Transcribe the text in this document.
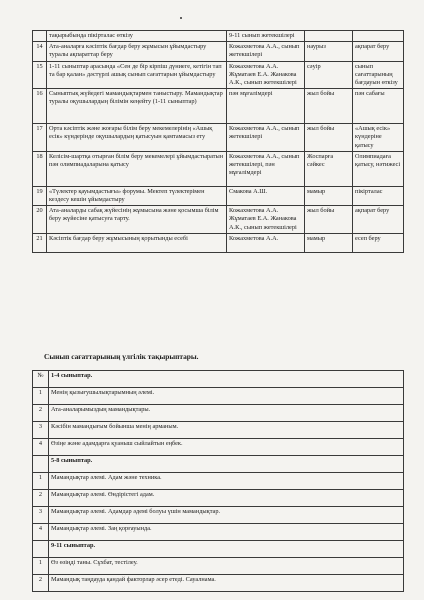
	тақырыбында пікірталас өткізу	9-11 сынып жетекшілері		
14	Ата-аналарға кәсіптік бағдар беру жұмысын ұйымдастыру туралы ақпараттар беру	Кожахметова А.А., сынып жетекшілері	наурыз	ақпарат беру
15	1-11 сыныптар арасында «Сен де бір кірпіш дүниеге, кетігін тап та бар қалан» дәстүрлі ашық сынып сағаттарын ұйымдастыру	Кожахметова А.А. Жұматаев Е.А. Жанакова А.К., сынып жетекшілері	сәуір	сынып сағаттарының бағдауын өткізу
16	Сыныптық жүйедегі мамандықтармен таныстыру. Мамандықтар туралы оқушылардың білімін кеңейту (1-11 сыныптар)	пән мұғалімдері	жыл бойы	пән сабағы
17	Орта кәсіптік және жоғары білім беру мекемелерінің «Ашық есік» күндерінде оқушылардың қатысуын қамтамасыз ету	Кожахметова А.А., сынып жетекшілері	жыл бойы	«Ашық есік» күндеріне қатысу
18	Келісім-шартқа отырған білім беру мекемелері ұйымдастыратын пән олимпиадаларына қатысу	Кожахметова А.А., сынып жетекшілері, пән мұғалімдері	Жоспарға сәйкес	Олимпиадаға қатысу, нәтижесі
19	«Түлектер қауымдастығы» форумы. Мектеп түлектерімен кездесу кешін ұйымдастыру	Смакова А.Ш.	мамыр	пікірталас
20	Ата-аналарды сабақ жүйесінің жұмысына және қосымша білім беру жүйесіне қатысуға тарту.	Кожахметова А.А. Жұматаев Е.А. Жанакова А.К., сынып жетекшілері	жыл бойы	ақпарат беру
21	Кәсіптік бағдар беру жұмысының қорытынды есебі	Кожахметова А.А.	мамыр	есеп беру
Сынып сағаттарының үлгілік тақырыптары.
№	1-4 сыныптар.
1	Менің қызығушылықтарымның әлемі.
2	Ата-аналарымыздың мамандықтары.
3	Кәсібін мамандығым бойынша менің арманым.
4	Өзіңе және адамдарға қуаныш сыйлайтын еңбек.
	5-8 сыныптар.
1	Мамандықтар әлемі. Адам және техника.
2	Мамандықтар әлемі. Өндірістегі адам.
3	Мамандықтар әлемі. Адамдар әдемі болуы үшін мамандықтар.
4	Мамандықтар әлемі. Заң қорғауында.
	9-11 сыныптар.
1	Өз өзіңді таны. Сұхбат, тестілеу.
2	Мамандық таңдауда қандай факторлар әсер етеді. Сауалнама.
